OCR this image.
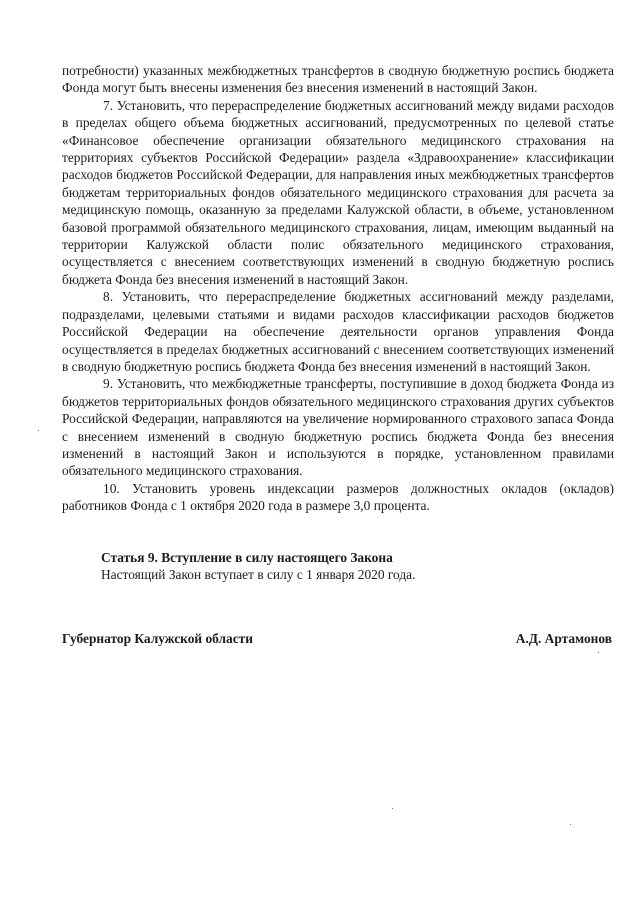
потребности) указанных межбюджетных трансфертов в сводную бюджетную роспись бюджета Фонда могут быть внесены изменения без внесения изменений в настоящий Закон.

7. Установить, что перераспределение бюджетных ассигнований между видами расходов в пределах общего объема бюджетных ассигнований, предусмотренных по целевой статье «Финансовое обеспечение организации обязательного медицинского страхования на территориях субъектов Российской Федерации» раздела «Здравоохранение» классификации расходов бюджетов Российской Федерации, для направления иных межбюджетных трансфертов бюджетам территориальных фондов обязательного медицинского страхования для расчета за медицинскую помощь, оказанную за пределами Калужской области, в объеме, установленном базовой программой обязательного медицинского страхования, лицам, имеющим выданный на территории Калужской области полис обязательного медицинского страхования, осуществляется с внесением соответствующих изменений в сводную бюджетную роспись бюджета Фонда без внесения изменений в настоящий Закон.

8. Установить, что перераспределение бюджетных ассигнований между разделами, подразделами, целевыми статьями и видами расходов классификации расходов бюджетов Российской Федерации на обеспечение деятельности органов управления Фонда осуществляется в пределах бюджетных ассигнований с внесением соответствующих изменений в сводную бюджетную роспись бюджета Фонда без внесения изменений в настоящий Закон.

9. Установить, что межбюджетные трансферты, поступившие в доход бюджета Фонда из бюджетов территориальных фондов обязательного медицинского страхования других субъектов Российской Федерации, направляются на увеличение нормированного страхового запаса Фонда с внесением изменений в сводную бюджетную роспись бюджета Фонда без внесения изменений в настоящий Закон и используются в порядке, установленном правилами обязательного медицинского страхования.

10. Установить уровень индексации размеров должностных окладов (окладов) работников Фонда с 1 октября 2020 года в размере 3,0 процента.

Статья 9. Вступление в силу настоящего Закона

Настоящий Закон вступает в силу с 1 января 2020 года.

Губернатор Калужской области	А.Д. Артамонов
